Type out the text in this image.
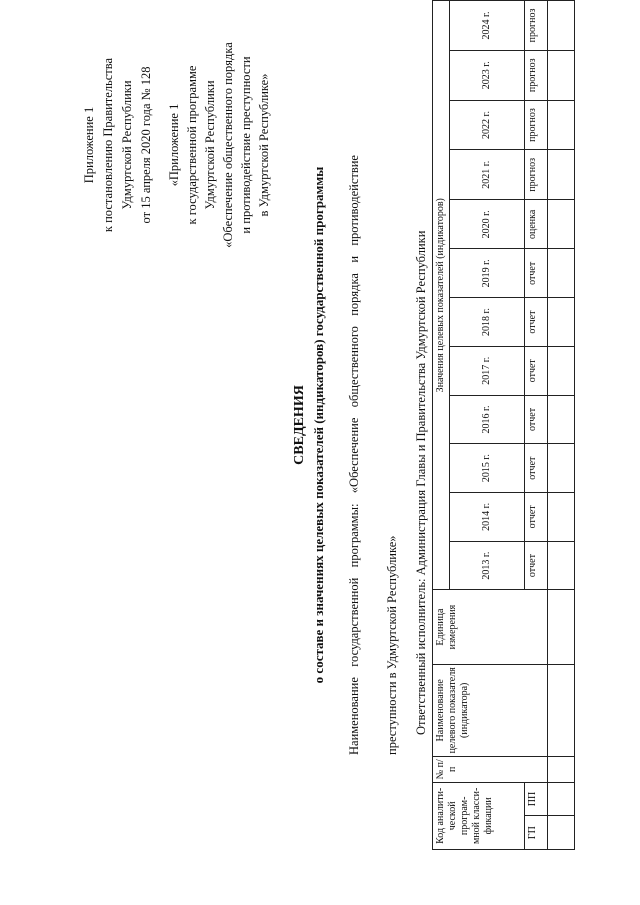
Приложение 1 к постановлению Правительства Удмуртской Республики от 15 апреля 2020 года № 128 «Приложение 1 к государственной программе Удмуртской Республики «Обеспечение общественного порядка и противодействие преступности в Удмуртской Республике»
СВЕДЕНИЯ о составе и значениях целевых показателей (индикаторов) государственной программы Наименование государственной программы: «Обеспечение общественного порядка и противодействие преступности в Удмуртской Республике» Ответственный исполнитель: Администрация Главы и Правительства Удмуртской Республики
Код аналити- ческой програм- мной класси- фикации		№ п/п	Наименование целевого показателя (индикатора)	Единица измерения	Значения целевых показателей (индикаторов)											
					2013 г.	2014 г.	2015 г.	2016 г.	2017 г.	2018 г.	2019 г.	2020 г.	2021 г.	2022 г.	2023 г.	2024 г.
ГП	ПП				отчет	отчет	отчет	отчет	отчет	отчет	отчет	оценка	прогноз	прогноз	прогноз	прогноз
